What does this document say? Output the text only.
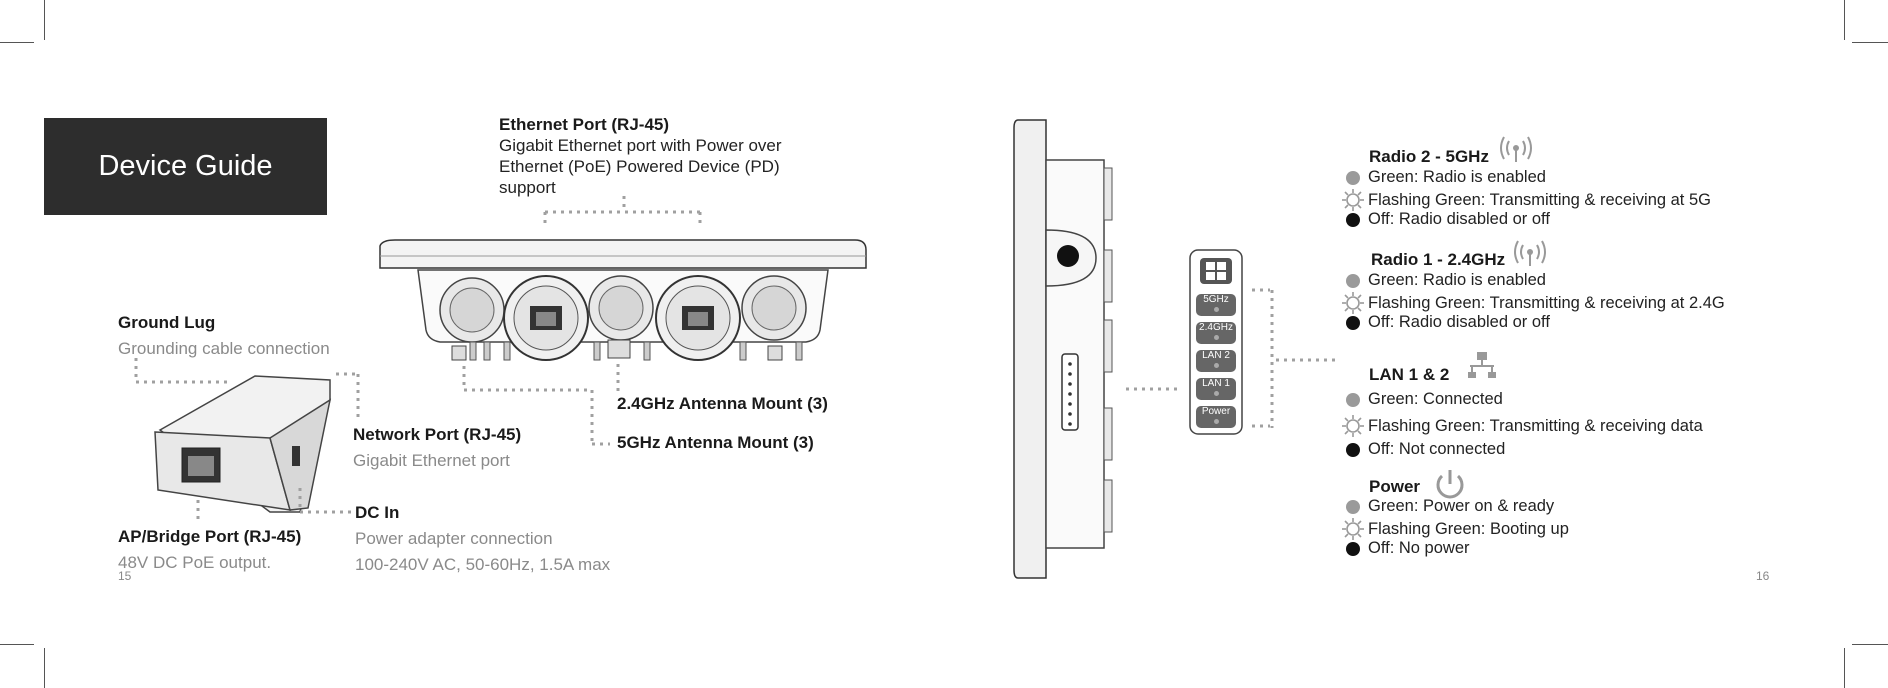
Device Guide
5GHz
2.4GHz
LAN 2
LAN 1
Power
Ethernet Port (RJ-45)
Gigabit Ethernet port with Power over
Ethernet (PoE) Powered Device (PD)
support
Ground Lug
Grounding cable connection
Network Port (RJ-45)
Gigabit Ethernet port
2.4GHz Antenna Mount (3)
5GHz Antenna Mount (3)
DC In
Power adapter connection
100-240V AC, 50-60Hz, 1.5A max
AP/Bridge Port (RJ-45)
48V DC PoE output.
15	16
Radio 2 - 5GHz
Green: Radio is enabled
Flashing Green: Transmitting & receiving at 5G
Off: Radio disabled or off
Radio 1 - 2.4GHz
Green: Radio is enabled
Flashing Green: Transmitting & receiving at 2.4G
Off: Radio disabled or off
LAN 1 & 2
Green: Connected
Flashing Green: Transmitting & receiving data
Off: Not connected
Power
Green: Power on & ready
Flashing Green: Booting up
Off: No power
